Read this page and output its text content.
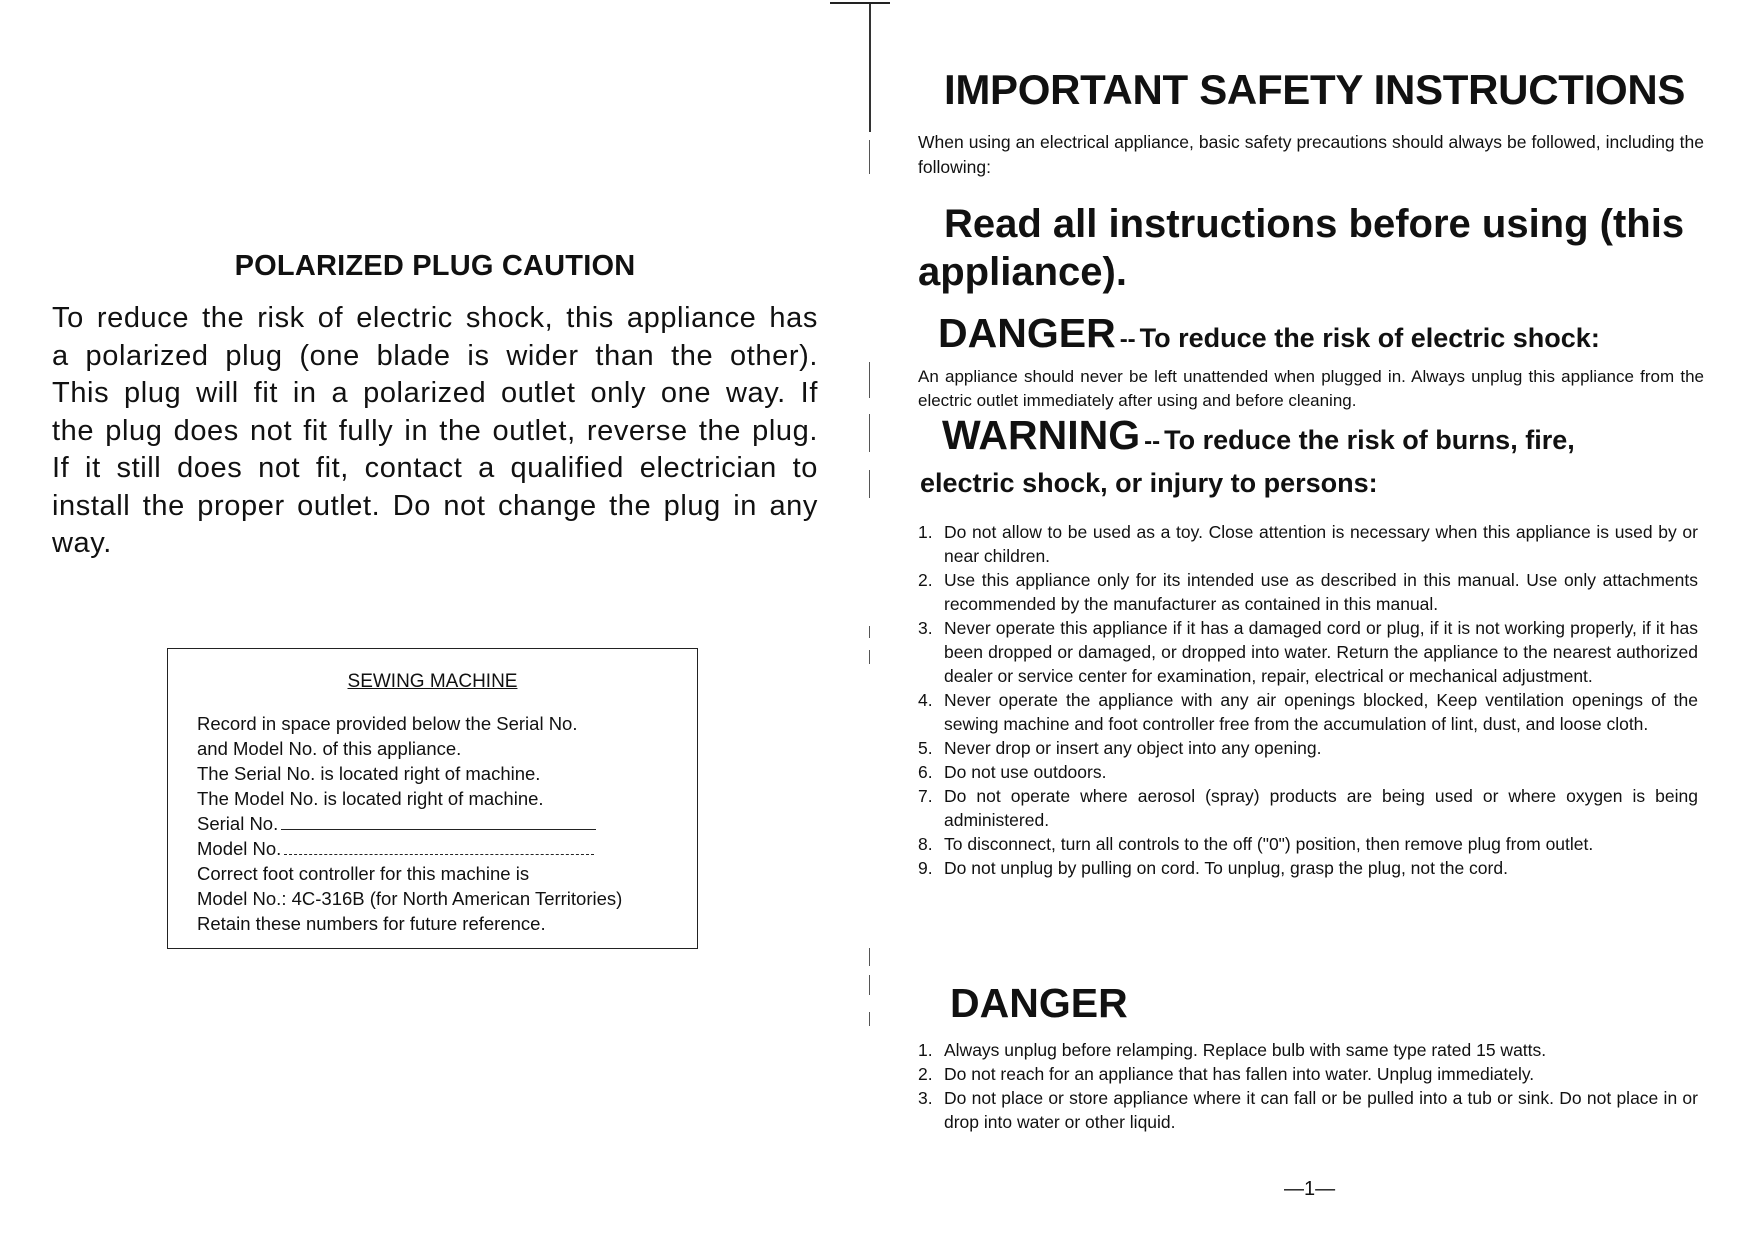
POLARIZED PLUG CAUTION
To reduce the risk of electric shock, this appliance has a polarized plug (one blade is wider than the other). This plug will fit in a polarized outlet only one way. If the plug does not fit fully in the outlet, reverse the plug. If it still does not fit, contact a qualified electrician to install the proper outlet. Do not change the plug in any way.
SEWING MACHINE
Record in space provided below the Serial No.
and Model No. of this appliance.
The Serial No. is located right of machine.
The Model No. is located right of machine.
Serial No.
Model No.
Correct foot controller for this machine is
Model No.: 4C-316B (for North American Territories)
Retain these numbers for future reference.
IMPORTANT SAFETY INSTRUCTIONS
When using an electrical appliance, basic safety precautions should always be followed, including the following:
Read all instructions before using (this appliance).
DANGER -- To reduce the risk of electric shock:
An appliance should never be left unattended when plugged in. Always unplug this appliance from the electric outlet immediately after using and before cleaning.
WARNING -- To reduce the risk of burns, fire,
electric shock, or injury to persons:
1. Do not allow to be used as a toy. Close attention is necessary when this appliance is used by or near children.
2. Use this appliance only for its intended use as described in this manual. Use only attachments recommended by the manufacturer as contained in this manual.
3. Never operate this appliance if it has a damaged cord or plug, if it is not working properly, if it has been dropped or damaged, or dropped into water. Return the appliance to the nearest authorized dealer or service center for examination, repair, electrical or mechanical adjustment.
4. Never operate the appliance with any air openings blocked, Keep ventilation openings of the sewing machine and foot controller free from the accumulation of lint, dust, and loose cloth.
5. Never drop or insert any object into any opening.
6. Do not use outdoors.
7. Do not operate where aerosol (spray) products are being used or where oxygen is being administered.
8. To disconnect, turn all controls to the off ("0") position, then remove plug from outlet.
9. Do not unplug by pulling on cord. To unplug, grasp the plug, not the cord.
DANGER
1. Always unplug before relamping. Replace bulb with same type rated 15 watts.
2. Do not reach for an appliance that has fallen into water. Unplug immediately.
3. Do not place or store appliance where it can fall or be pulled into a tub or sink. Do not place in or drop into water or other liquid.
—1—
